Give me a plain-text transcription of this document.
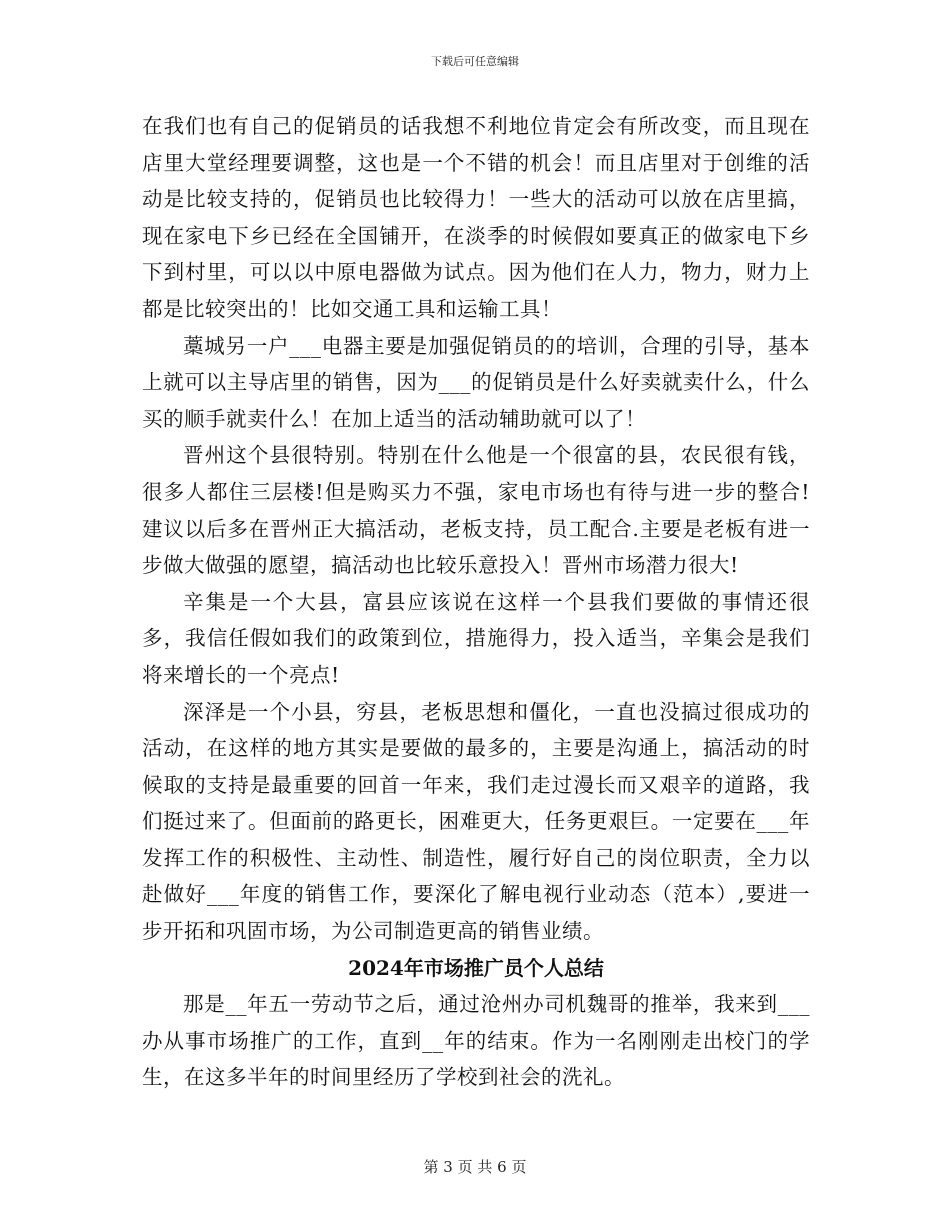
下载后可任意编辑

在我们也有自己的促销员的话我想不利地位肯定会有所改变，而且现在店里大堂经理要调整，这也是一个不错的机会！而且店里对于创维的活动是比较支持的，促销员也比较得力！一些大的活动可以放在店里搞，现在家电下乡已经在全国铺开，在淡季的时候假如要真正的做家电下乡下到村里，可以以中原电器做为试点。因为他们在人力，物力，财力上都是比较突出的！比如交通工具和运输工具！

藁城另一户___电器主要是加强促销员的的培训，合理的引导，基本上就可以主导店里的销售，因为___的促销员是什么好卖就卖什么，什么买的顺手就卖什么！在加上适当的活动辅助就可以了！

晋州这个县很特别。特别在什么他是一个很富的县，农民很有钱，很多人都住三层楼!但是购买力不强，家电市场也有待与进一步的整合!建议以后多在晋州正大搞活动，老板支持，员工配合.主要是老板有进一步做大做强的愿望，搞活动也比较乐意投入！晋州市场潜力很大!

辛集是一个大县，富县应该说在这样一个县我们要做的事情还很多，我信任假如我们的政策到位，措施得力，投入适当，辛集会是我们将来增长的一个亮点!

深泽是一个小县，穷县，老板思想和僵化，一直也没搞过很成功的活动，在这样的地方其实是要做的最多的，主要是沟通上，搞活动的时候取的支持是最重要的回首一年来，我们走过漫长而又艰辛的道路，我们挺过来了。但面前的路更长，困难更大，任务更艰巨。一定要在___年发挥工作的积极性、主动性、制造性，履行好自己的岗位职责，全力以赴做好___年度的销售工作，要深化了解电视行业动态（范本）,要进一步开拓和巩固市场，为公司制造更高的销售业绩。

2024年市场推广员个人总结

那是__年五一劳动节之后，通过沧州办司机魏哥的推举，我来到___办从事市场推广的工作，直到__年的结束。作为一名刚刚走出校门的学生，在这多半年的时间里经历了学校到社会的洗礼。

第 3 页 共 6 页
